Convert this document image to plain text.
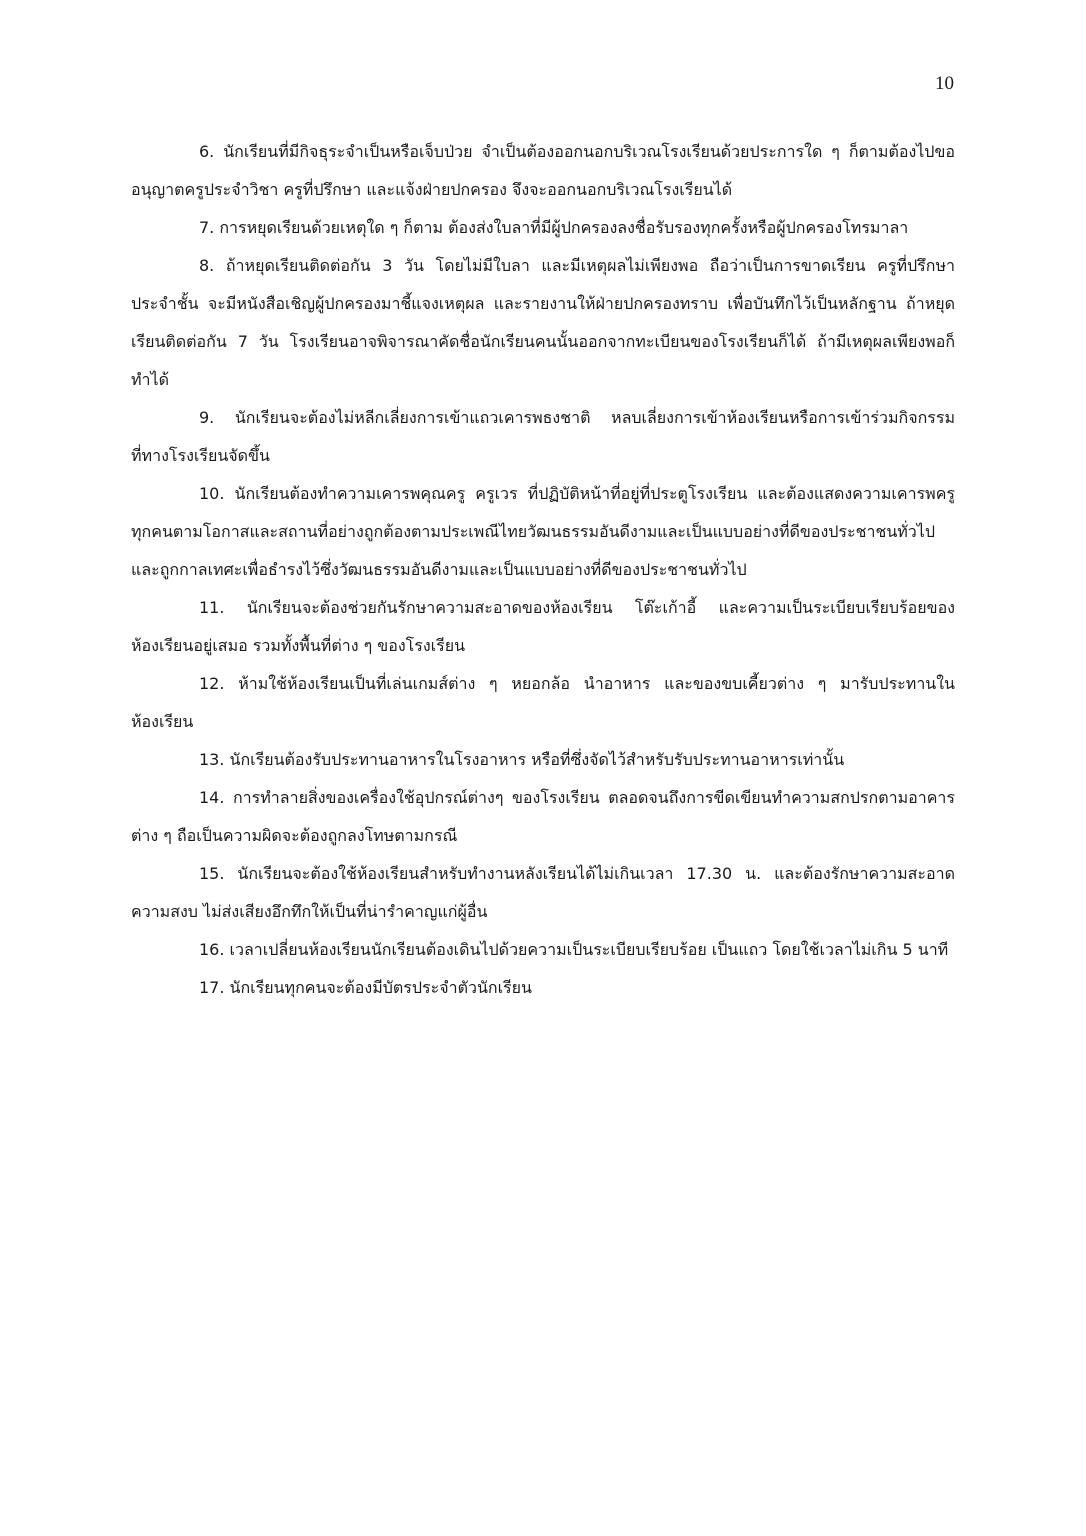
10

6. นักเรียนที่มีกิจธุระจำเป็นหรือเจ็บป่วย จำเป็นต้องออกนอกบริเวณโรงเรียนด้วยประการใด ๆ ก็ตามต้องไปขออนุญาตครูประจำวิชา ครูที่ปรึกษา และแจ้งฝ่ายปกครอง จึงจะออกนอกบริเวณโรงเรียนได้

7. การหยุดเรียนด้วยเหตุใด ๆ ก็ตาม ต้องส่งใบลาที่มีผู้ปกครองลงชื่อรับรองทุกครั้งหรือผู้ปกครองโทรมาลา

8. ถ้าหยุดเรียนติดต่อกัน 3 วัน โดยไม่มีใบลา และมีเหตุผลไม่เพียงพอ ถือว่าเป็นการขาดเรียน ครูที่ปรึกษาประจำชั้น จะมีหนังสือเชิญผู้ปกครองมาชี้แจงเหตุผล และรายงานให้ฝ่ายปกครองทราบ เพื่อบันทึกไว้เป็นหลักฐาน ถ้าหยุดเรียนติดต่อกัน 7 วัน โรงเรียนอาจพิจารณาคัดชื่อนักเรียนคนนั้นออกจากทะเบียนของโรงเรียนก็ได้ ถ้ามีเหตุผลเพียงพอก็ทำได้

9. นักเรียนจะต้องไม่หลีกเลี่ยงการเข้าแถวเคารพธงชาติ หลบเลี่ยงการเข้าห้องเรียนหรือการเข้าร่วมกิจกรรมที่ทางโรงเรียนจัดขึ้น

10. นักเรียนต้องทำความเคารพคุณครู ครูเวร ที่ปฏิบัติหน้าที่อยู่ที่ประตูโรงเรียน และต้องแสดงความเคารพครูทุกคนตามโอกาสและสถานที่อย่างถูกต้องตามประเพณีไทยวัฒนธรรมอันดีงามและเป็นแบบอย่างที่ดีของประชาชนทั่วไปและถูกกาลเทศะเพื่อธำรงไว้ซึ่งวัฒนธรรมอันดีงามและเป็นแบบอย่างที่ดีของประชาชนทั่วไป

11. นักเรียนจะต้องช่วยกันรักษาความสะอาดของห้องเรียน โต๊ะเก้าอี้ และความเป็นระเบียบเรียบร้อยของห้องเรียนอยู่เสมอ รวมทั้งพื้นที่ต่าง ๆ ของโรงเรียน

12. ห้ามใช้ห้องเรียนเป็นที่เล่นเกมส์ต่าง ๆ หยอกล้อ นำอาหาร และของขบเคี้ยวต่าง ๆ มารับประทานในห้องเรียน

13. นักเรียนต้องรับประทานอาหารในโรงอาหาร หรือที่ซึ่งจัดไว้สำหรับรับประทานอาหารเท่านั้น

14. การทำลายสิ่งของเครื่องใช้อุปกรณ์ต่างๆ ของโรงเรียน ตลอดจนถึงการขีดเขียนทำความสกปรกตามอาคารต่าง ๆ ถือเป็นความผิดจะต้องถูกลงโทษตามกรณี

15. นักเรียนจะต้องใช้ห้องเรียนสำหรับทำงานหลังเรียนได้ไม่เกินเวลา 17.30 น. และต้องรักษาความสะอาด ความสงบ ไม่ส่งเสียงอึกทึกให้เป็นที่น่ารำคาญแก่ผู้อื่น

16. เวลาเปลี่ยนห้องเรียนนักเรียนต้องเดินไปด้วยความเป็นระเบียบเรียบร้อย เป็นแถว โดยใช้เวลาไม่เกิน 5 นาที

17. นักเรียนทุกคนจะต้องมีบัตรประจำตัวนักเรียน
